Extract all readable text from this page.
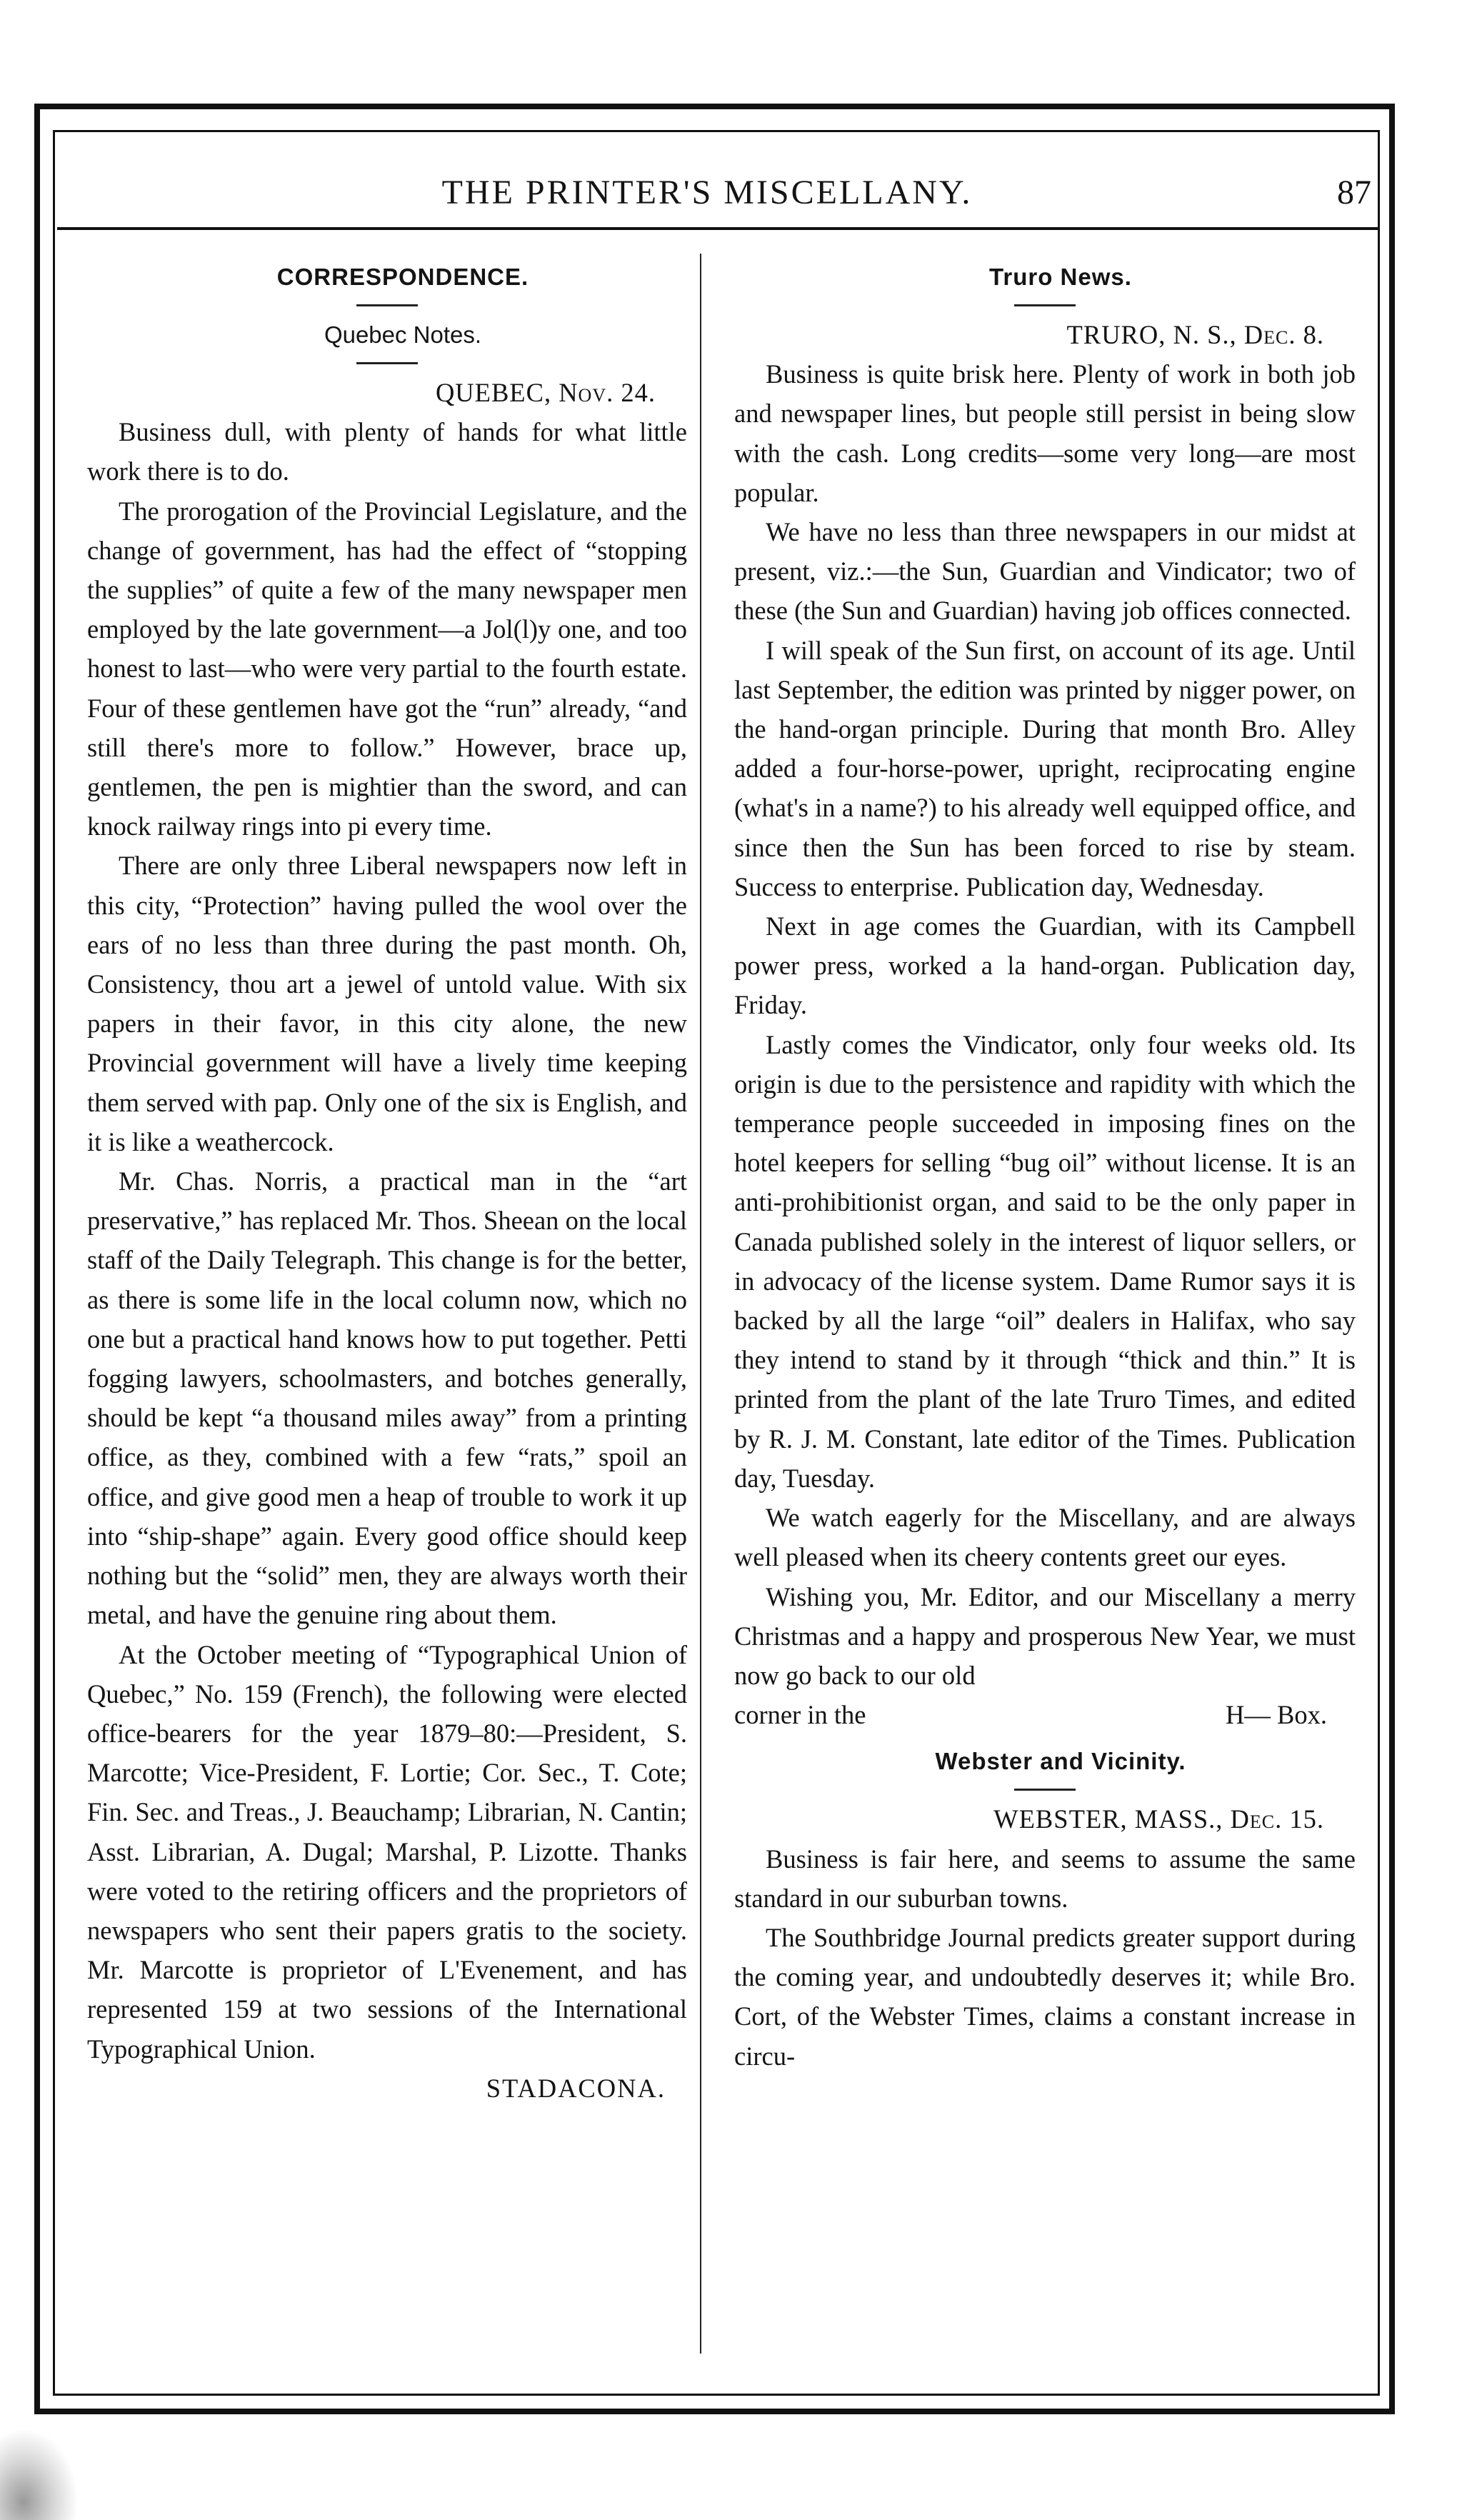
THE PRINTER'S MISCELLANY.	87

CORRESPONDENCE.

Quebec Notes.

QUEBEC, Nov. 24.

Business dull, with plenty of hands for what little work there is to do.

The prorogation of the Provincial Legislature, and the change of government, has had the effect of “stopping the supplies” of quite a few of the many newspaper men employed by the late government—a Jol(l)y one, and too honest to last—who were very partial to the fourth estate. Four of these gentlemen have got the “run” already, “and still there's more to follow.” However, brace up, gentlemen, the pen is mightier than the sword, and can knock railway rings into pi every time.

There are only three Liberal newspapers now left in this city, “Protection” having pulled the wool over the ears of no less than three during the past month. Oh, Consistency, thou art a jewel of untold value. With six papers in their favor, in this city alone, the new Provincial government will have a lively time keeping them served with pap. Only one of the six is English, and it is like a weathercock.

Mr. Chas. Norris, a practical man in the “art preservative,” has replaced Mr. Thos. Sheean on the local staff of the Daily Telegraph. This change is for the better, as there is some life in the local column now, which no one but a practical hand knows how to put together. Petti fogging lawyers, schoolmasters, and botches generally, should be kept “a thousand miles away” from a printing office, as they, combined with a few “rats,” spoil an office, and give good men a heap of trouble to work it up into “ship-shape” again. Every good office should keep nothing but the “solid” men, they are always worth their metal, and have the genuine ring about them.

At the October meeting of “Typographical Union of Quebec,” No. 159 (French), the following were elected office-bearers for the year 1879–80:—President, S. Marcotte; Vice-President, F. Lortie; Cor. Sec., T. Cote; Fin. Sec. and Treas., J. Beauchamp; Librarian, N. Cantin; Asst. Librarian, A. Dugal; Marshal, P. Lizotte. Thanks were voted to the retiring officers and the proprietors of newspapers who sent their papers gratis to the society. Mr. Marcotte is proprietor of L'Evenement, and has represented 159 at two sessions of the International Typographical Union.

STADACONA.

Truro News.

TRURO, N. S., Dec. 8.

Business is quite brisk here. Plenty of work in both job and newspaper lines, but people still persist in being slow with the cash. Long credits—some very long—are most popular.

We have no less than three newspapers in our midst at present, viz.:—the Sun, Guardian and Vindicator; two of these (the Sun and Guardian) having job offices connected.

I will speak of the Sun first, on account of its age. Until last September, the edition was printed by nigger power, on the hand-organ principle. During that month Bro. Alley added a four-horse-power, upright, reciprocating engine (what's in a name?) to his already well equipped office, and since then the Sun has been forced to rise by steam. Success to enterprise. Publication day, Wednesday.

Next in age comes the Guardian, with its Campbell power press, worked a la hand-organ. Publication day, Friday.

Lastly comes the Vindicator, only four weeks old. Its origin is due to the persistence and rapidity with which the temperance people succeeded in imposing fines on the hotel keepers for selling “bug oil” without license. It is an anti-prohibitionist organ, and said to be the only paper in Canada published solely in the interest of liquor sellers, or in advocacy of the license system. Dame Rumor says it is backed by all the large “oil” dealers in Halifax, who say they intend to stand by it through “thick and thin.” It is printed from the plant of the late Truro Times, and edited by R. J. M. Constant, late editor of the Times. Publication day, Tuesday.

We watch eagerly for the Miscellany, and are always well pleased when its cheery contents greet our eyes.

Wishing you, Mr. Editor, and our Miscellany a merry Christmas and a happy and prosperous New Year, we must now go back to our old

corner in the	H— Box.

Webster and Vicinity.

WEBSTER, MASS., Dec. 15.

Business is fair here, and seems to assume the same standard in our suburban towns.

The Southbridge Journal predicts greater support during the coming year, and undoubtedly deserves it; while Bro. Cort, of the Webster Times, claims a constant increase in circu-
